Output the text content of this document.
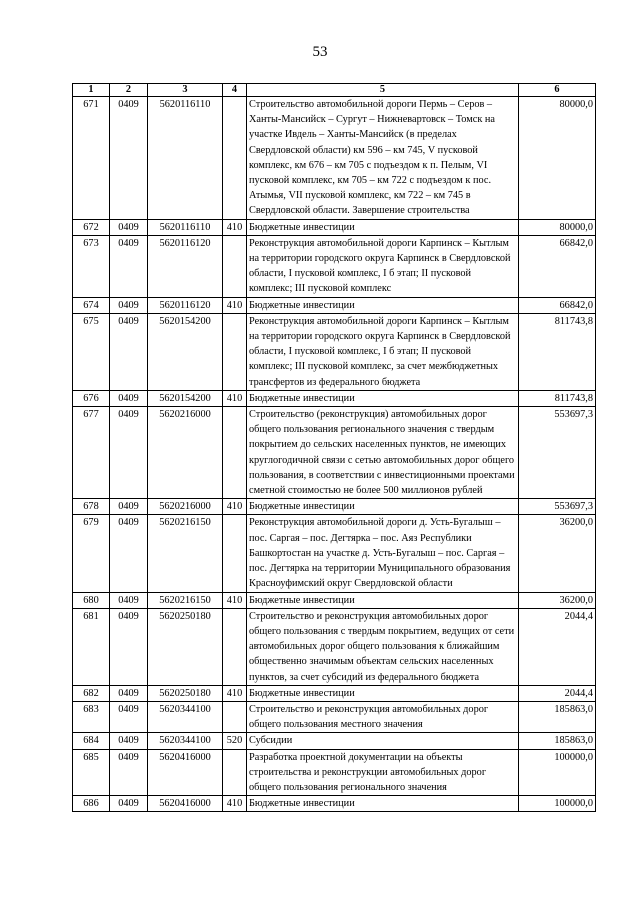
53
1	2	3	4	5	6
671	0409	5620116110		Строительство автомобильной дороги Пермь – Серов – Ханты-Мансийск – Сургут – Нижневартовск – Томск на участке Ивдель – Ханты-Мансийск (в пределах Свердловской области) км 596 – км 745, V пусковой комплекс, км 676 – км 705 с подъездом к п. Пелым, VI пусковой комплекс, км 705 – км 722 с подъездом к пос. Атымья, VII пусковой комплекс, км 722 – км 745 в Свердловской области. Завершение строительства	80000,0
672	0409	5620116110	410	Бюджетные инвестиции	80000,0
673	0409	5620116120		Реконструкция автомобильной дороги Карпинск – Кытлым на территории городского округа Карпинск в Свердловской области, I пусковой комплекс, I б этап; II пусковой комплекс; III пусковой комплекс	66842,0
674	0409	5620116120	410	Бюджетные инвестиции	66842,0
675	0409	5620154200		Реконструкция автомобильной дороги Карпинск – Кытлым на территории городского округа Карпинск в Свердловской области, I пусковой комплекс, I б этап; II пусковой комплекс; III пусковой комплекс, за счет межбюджетных трансфертов из федерального бюджета	811743,8
676	0409	5620154200	410	Бюджетные инвестиции	811743,8
677	0409	5620216000		Строительство (реконструкция) автомобильных дорог общего пользования регионального значения с твердым покрытием до сельских населенных пунктов, не имеющих круглогодичной связи с сетью автомобильных дорог общего пользования, в соответствии с инвестиционными проектами сметной стоимостью не более 500 миллионов рублей	553697,3
678	0409	5620216000	410	Бюджетные инвестиции	553697,3
679	0409	5620216150		Реконструкция автомобильной дороги д. Усть-Бугалыш – пос. Саргая – пос. Дегтярка – пос. Аяз Республики Башкортостан на участке д. Усть-Бугалыш – пос. Саргая – пос. Дегтярка на территории Муниципального образования Красноуфимский округ Свердловской области	36200,0
680	0409	5620216150	410	Бюджетные инвестиции	36200,0
681	0409	5620250180		Строительство и реконструкция автомобильных дорог общего пользования с твердым покрытием, ведущих от сети автомобильных дорог общего пользования к ближайшим общественно значимым объектам сельских населенных пунктов, за счет субсидий из федерального бюджета	2044,4
682	0409	5620250180	410	Бюджетные инвестиции	2044,4
683	0409	5620344100		Строительство и реконструкция автомобильных дорог общего пользования местного значения	185863,0
684	0409	5620344100	520	Субсидии	185863,0
685	0409	5620416000		Разработка проектной документации на объекты строительства и реконструкции автомобильных дорог общего пользования регионального значения	100000,0
686	0409	5620416000	410	Бюджетные инвестиции	100000,0
